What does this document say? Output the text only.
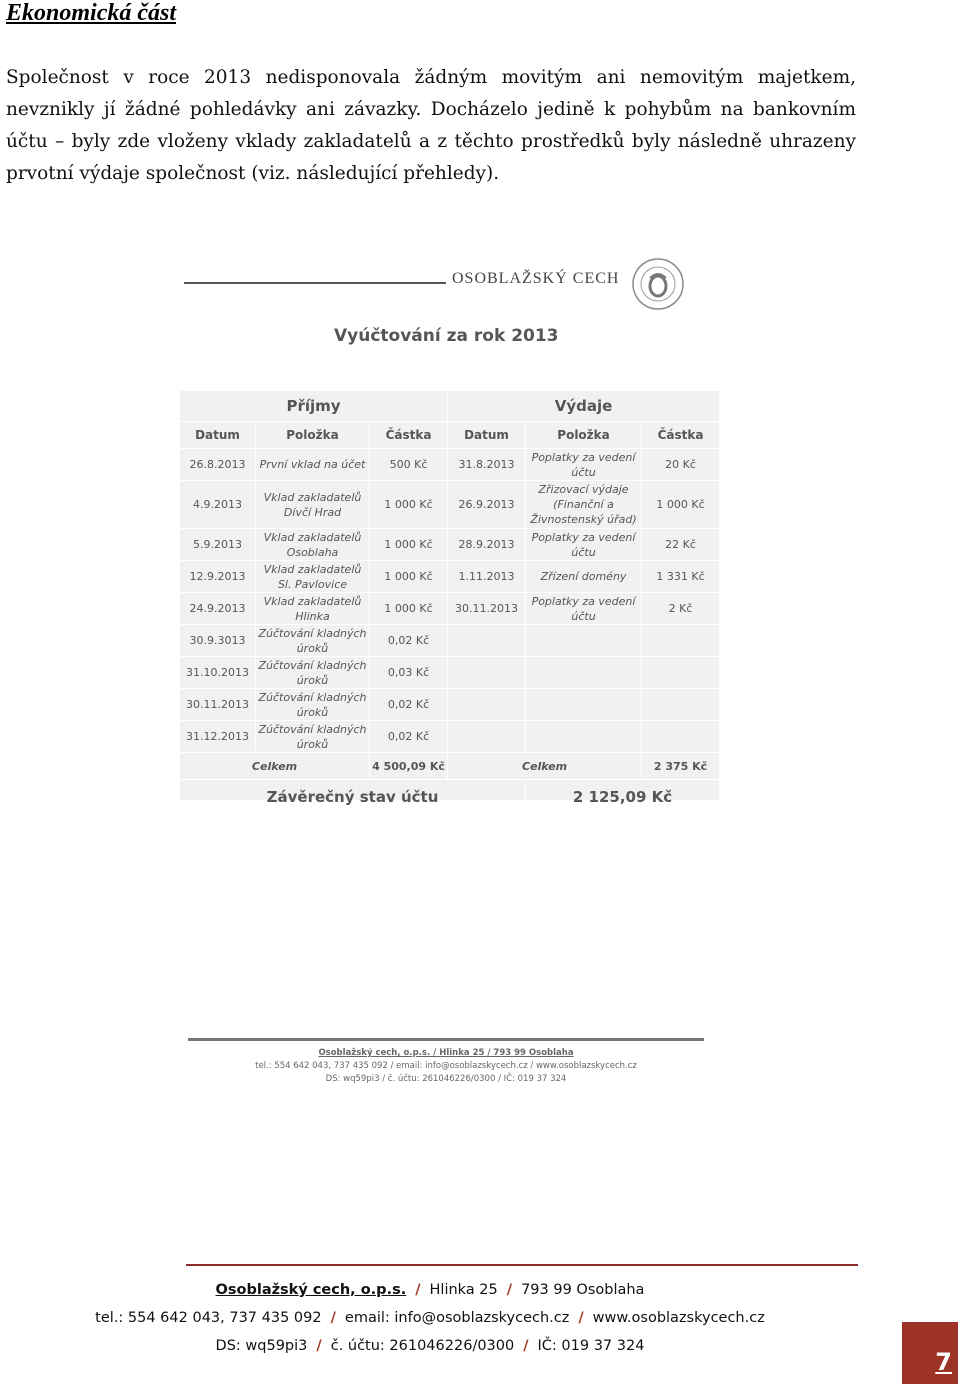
Ekonomická část

Společnost v roce 2013 nedisponovala žádným movitým ani nemovitým majetkem, nevznikly jí žádné pohledávky ani závazky. Docházelo jedině k pohybům na bankovním účtu – byly zde vloženy vklady zakladatelů a z těchto prostředků byly následně uhrazeny prvotní výdaje společnost (viz. následující přehledy).

OSOBLAŽSKÝ CECH
Vyúčtování za rok 2013
Příjmy			Výdaje		
Datum	Položka	Částka	Datum	Položka	Částka
26.8.2013	První vklad na účet	500 Kč	31.8.2013	Poplatky za vedení účtu	20 Kč
4.9.2013	Vklad zakladatelů Dívčí Hrad	1 000 Kč	26.9.2013	Zřizovací výdaje (Finanční a Živnostenský úřad)	1 000 Kč
5.9.2013	Vklad zakladatelů Osoblaha	1 000 Kč	28.9.2013	Poplatky za vedení účtu	22 Kč
12.9.2013	Vklad zakladatelů Sl. Pavlovice	1 000 Kč	1.11.2013	Zřízení domény	1 331 Kč
24.9.2013	Vklad zakladatelů Hlinka	1 000 Kč	30.11.2013	Poplatky za vedení účtu	2 Kč
30.9.3013	Zúčtování kladných úroků	0,02 Kč			
31.10.2013	Zúčtování kladných úroků	0,03 Kč			
30.11.2013	Zúčtování kladných úroků	0,02 Kč			
31.12.2013	Zúčtování kladných úroků	0,02 Kč			
Celkem		4 500,09 Kč	Celkem		2 375 Kč
Závěrečný stav účtu				2 125,09 Kč	
Osoblažský cech, o.p.s. / Hlinka 25 / 793 99 Osoblaha
tel.: 554 642 043, 737 435 092 / email: info@osoblazskycech.cz / www.osoblazskycech.cz
DS: wq59pi3 / č. účtu: 261046226/0300 / IČ: 019 37 324
Osoblažský cech, o.p.s. / Hlinka 25 / 793 99 Osoblaha
tel.: 554 642 043, 737 435 092 / email: info@osoblazskycech.cz / www.osoblazskycech.cz
DS: wq59pi3 / č. účtu: 261046226/0300 / IČ: 019 37 324
7
